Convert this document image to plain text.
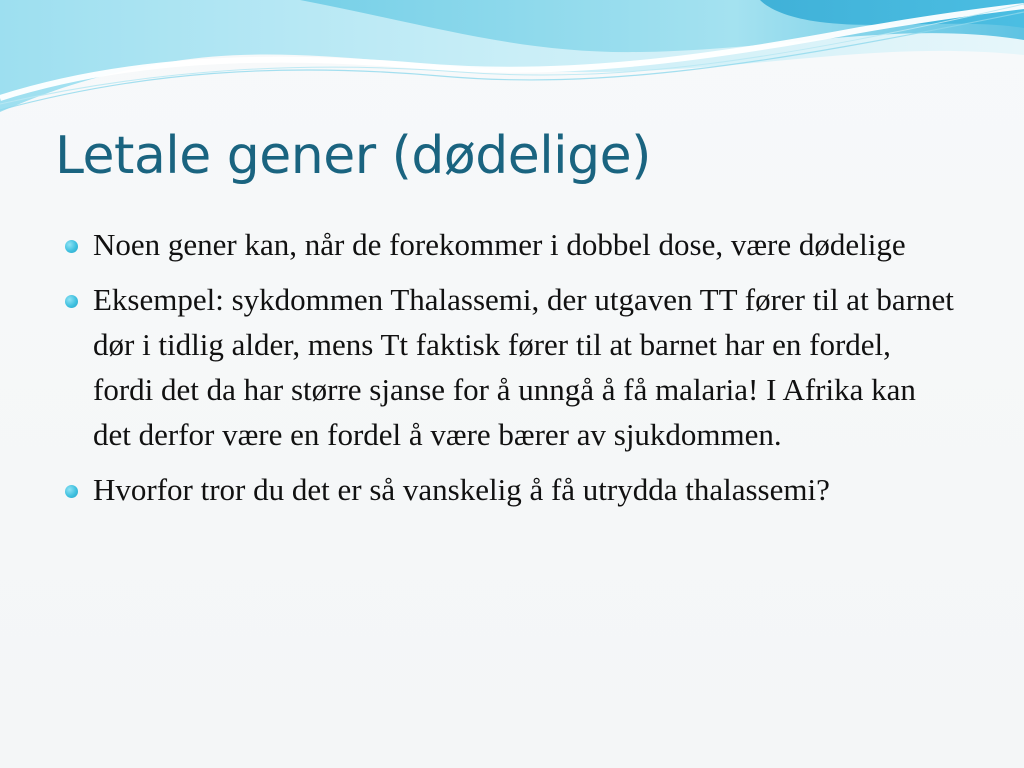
Letale gener (dødelige)
Noen gener kan, når de forekommer i dobbel dose, være dødelige
Eksempel: sykdommen Thalassemi, der utgaven TT fører til at barnet dør i tidlig alder, mens Tt faktisk fører til at barnet har en fordel, fordi det da har større sjanse for å unngå å få malaria! I Afrika kan det derfor være en fordel å være bærer av sjukdommen.
Hvorfor tror du det er så vanskelig å få utrydda thalassemi?
